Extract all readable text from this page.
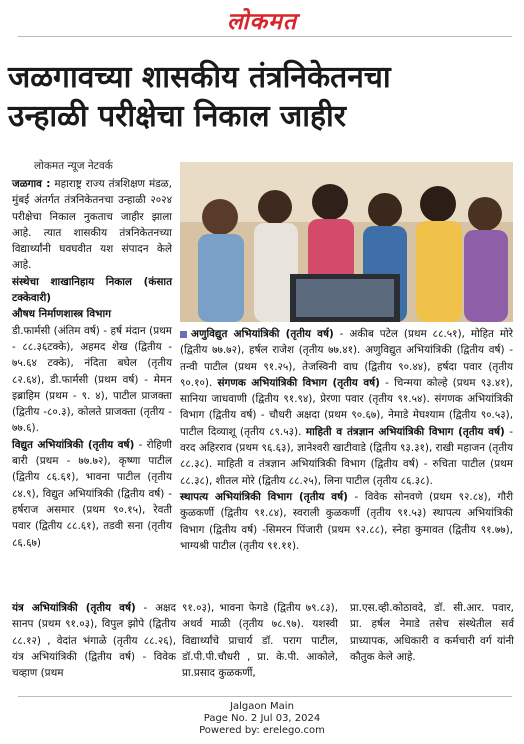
लोकमत
जळगावच्या शासकीय तंत्रनिकेतनचा
उन्हाळी परीक्षेचा निकाल जाहीर
लोकमत न्यूज नेटवर्क
जळगाव : महाराष्ट्र राज्य तंत्रशिक्षण मंडळ, मुंबई अंतर्गत तंत्रनिकेतनचा उन्हाळी २०२४ परीक्षेचा निकाल नुकताच जाहीर झाला आहे. त्यात शासकीय तंत्रनिकेतनच्या विद्यार्थ्यांनी घवघवीत यश संपादन केले आहे.
संस्थेचा शाखानिहाय निकाल (कंसात टक्केवारी)
औषध निर्माणशास्त्र विभाग
डी.फार्मसी (अंतिम वर्ष) - हर्ष मंदान (प्रथम - ८८.३६टक्के), अहमद शेख (द्वितीय - ७५.६४ टक्के), नंदिता बघेल (तृतीय ८२.६४), डी.फार्मसी (प्रथम वर्ष) - मेमन इब्राहिम (प्रथम - ९. ४), पाटील प्राजक्ता (द्वितीय -८०.३), कोलते प्राजक्ता (तृतीय - ७७.६).
विद्युत अभियांत्रिकी (तृतीय वर्ष) - रोहिणी बारी (प्रथम - ७७.७२), कृष्णा पाटील (द्वितीय ८६.६१), भावना पाटील (तृतीय ८४.९), विद्युत अभियांत्रिकी (द्वितीय वर्ष) - हर्षराज असमार (प्रथम ९०.१५), रेवती पवार (द्वितीय ८८.६१), तडवी सना (तृतीय ८६.६७)
अणुविद्युत अभियांत्रिकी (तृतीय वर्ष) - अकीब पटेल (प्रथम ८८.५१), मोहित मोरे (द्वितीय ७७.७२), हर्षल राजेश (तृतीय ७७.४१). अणुविद्युत अभियांत्रिकी (द्वितीय वर्ष) - तन्वी पाटील (प्रथम ९१.२५), तेजस्विनी वाघ (द्वितीय ९०.४४), हर्षदा पवार (तृतीय ९०.१०). संगणक अभियांत्रिकी विभाग (तृतीय वर्ष) - चिन्मया कोल्हे (प्रथम ९३.४१), सानिया जाधवाणी (द्वितीय ९१.९४), प्रेरणा पवार (तृतीय ९१.५४). संगणक अभियांत्रिकी विभाग (द्वितीय वर्ष) - चौधरी अक्षदा (प्रथम ९०.६७), नेमाडे मेघश्याम (द्वितीय ९०.५३), पाटील दिव्याशू (तृतीय ८९.५३). माहिती व तंत्रज्ञान अभियांत्रिकी विभाग (तृतीय वर्ष) - वरद अहिरराव (प्रथम ९६.६३), ज्ञानेश्वरी खाटीवाडे (द्वितीय ९३.३१), राखी महाजन (तृतीय ८८.३८). माहिती व तंत्रज्ञान अभियांत्रिकी विभाग (द्वितीय वर्ष) - रुचिता पाटील (प्रथम ८८.३८), शीतल मोरे (द्वितीय ८८.२५), लिना पाटील (तृतीय ८६.३८).
स्थापत्य अभियांत्रिकी विभाग (तृतीय वर्ष) - विवेक सोनवणे (प्रथम ९२.८४), गौरी कुळकर्णी (द्वितीय ९१.८४), स्वराली कुळकर्णी (तृतीय ९१.५३) स्थापत्य अभियांत्रिकी विभाग (द्वितीय वर्ष) -सिमरन पिंजारी (प्रथम ९२.८८), स्नेहा कुमावत (द्वितीय ९१.७७), भाग्यश्री पाटील (तृतीय ९१.११).
यंत्र अभियांत्रिकी (तृतीय वर्ष) - अक्षद सानप (प्रथम ९१.०३), विपुल झोपे (द्वितीय ८८.१२) , वेदांत भंगाळे (तृतीय ८८.२६), यंत्र अभियांत्रिकी (द्वितीय वर्ष) - विवेक चव्हाण (प्रथम
९१.०३), भावना फेगडे (द्वितीय ७९.८३), अथर्व माळी (तृतीय ७८.९७). यशस्वी विद्यार्थ्यांचे प्राचार्य डॉ. पराग पाटील, डॉ.पी.पी.चौधरी , प्रा. के.पी. आकोले, प्रा.प्रसाद कुळकर्णी,
प्रा.एस.व्ही.कोठावदे, डॉ. सी.आर. पवार, प्रा. हर्षल नेमाडे तसेच संस्थेतील सर्व प्राध्यापक, अधिकारी व कर्मचारी वर्ग यांनी कौतुक केले आहे.
Jalgaon Main
Page No. 2 Jul 03, 2024
Powered by: erelego.com
